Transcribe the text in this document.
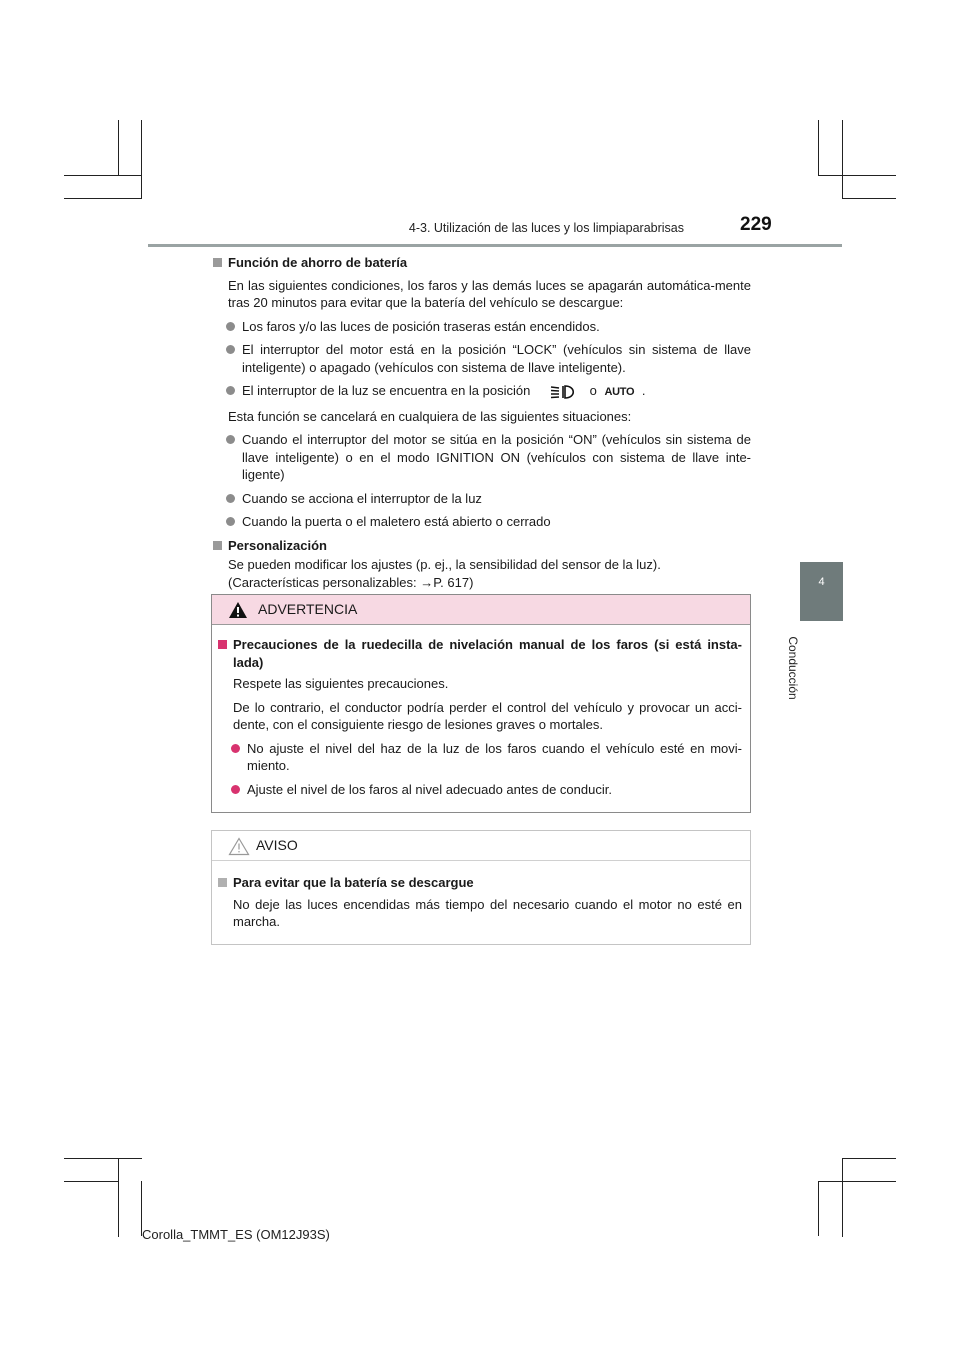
4-3. Utilización de las luces y los limpiaparabrisas	229
4
Conducción
Función de ahorro de batería
En las siguientes condiciones, los faros y las demás luces se apagarán automática-mente tras 20 minutos para evitar que la batería del vehículo se descargue:
Los faros y/o las luces de posición traseras están encendidos.
El interruptor del motor está en la posición “LOCK” (vehículos sin sistema de llave inteligente) o apagado (vehículos con sistema de llave inteligente).
El interruptor de la luz se encuentra en la posición	o AUTO .
Esta función se cancelará en cualquiera de las siguientes situaciones:
Cuando el interruptor del motor se sitúa en la posición “ON” (vehículos sin sistema de llave inteligente) o en el modo IGNITION ON (vehículos con sistema de llave inte-ligente)
Cuando se acciona el interruptor de la luz
Cuando la puerta o el maletero está abierto o cerrado
Personalización
Se pueden modificar los ajustes (p. ej., la sensibilidad del sensor de la luz).
(Características personalizables: →P. 617)
ADVERTENCIA
Precauciones de la ruedecilla de nivelación manual de los faros (si está insta-lada)
Respete las siguientes precauciones.
De lo contrario, el conductor podría perder el control del vehículo y provocar un acci-dente, con el consiguiente riesgo de lesiones graves o mortales.
No ajuste el nivel del haz de la luz de los faros cuando el vehículo esté en movi-miento.
Ajuste el nivel de los faros al nivel adecuado antes de conducir.
AVISO
Para evitar que la batería se descargue
No deje las luces encendidas más tiempo del necesario cuando el motor no esté en marcha.
Corolla_TMMT_ES (OM12J93S)
